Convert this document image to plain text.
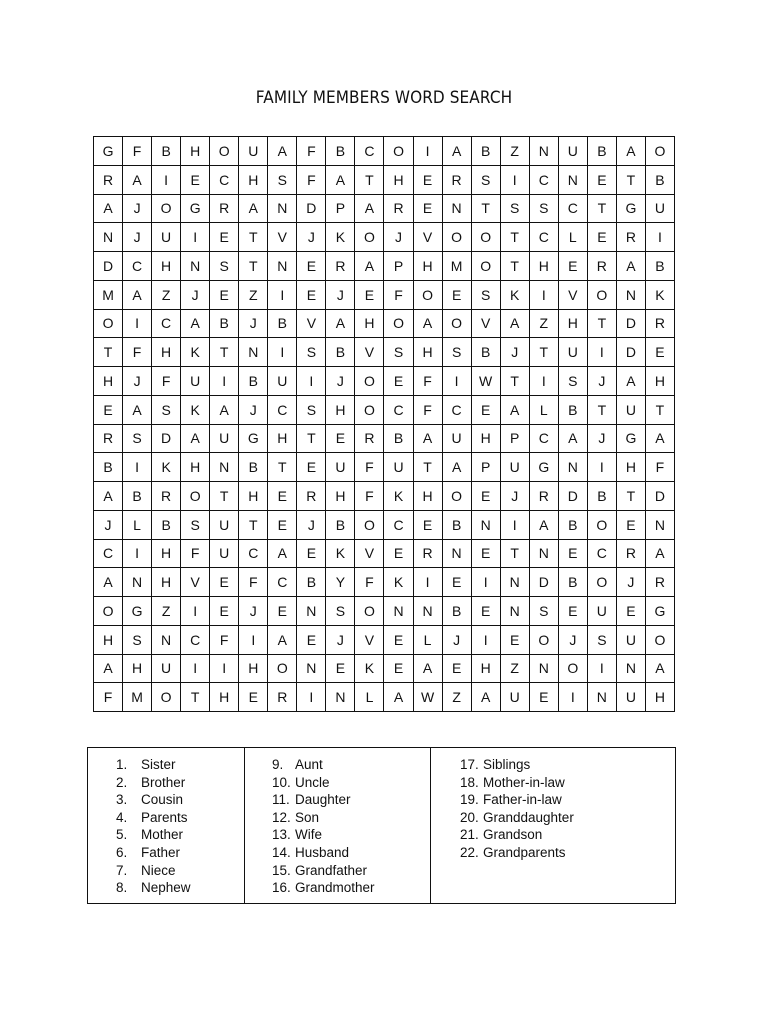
FAMILY MEMBERS WORD SEARCH
G	F	B	H	O	U	A	F	B	C	O	I	A	B	Z	N	U	B	A	O
R	A	I	E	C	H	S	F	A	T	H	E	R	S	I	C	N	E	T	B
A	J	O	G	R	A	N	D	P	A	R	E	N	T	S	S	C	T	G	U
N	J	U	I	E	T	V	J	K	O	J	V	O	O	T	C	L	E	R	I
D	C	H	N	S	T	N	E	R	A	P	H	M	O	T	H	E	R	A	B
M	A	Z	J	E	Z	I	E	J	E	F	O	E	S	K	I	V	O	N	K
O	I	C	A	B	J	B	V	A	H	O	A	O	V	A	Z	H	T	D	R
T	F	H	K	T	N	I	S	B	V	S	H	S	B	J	T	U	I	D	E
H	J	F	U	I	B	U	I	J	O	E	F	I	W	T	I	S	J	A	H
E	A	S	K	A	J	C	S	H	O	C	F	C	E	A	L	B	T	U	T
R	S	D	A	U	G	H	T	E	R	B	A	U	H	P	C	A	J	G	A
B	I	K	H	N	B	T	E	U	F	U	T	A	P	U	G	N	I	H	F
A	B	R	O	T	H	E	R	H	F	K	H	O	E	J	R	D	B	T	D
J	L	B	S	U	T	E	J	B	O	C	E	B	N	I	A	B	O	E	N
C	I	H	F	U	C	A	E	K	V	E	R	N	E	T	N	E	C	R	A
A	N	H	V	E	F	C	B	Y	F	K	I	E	I	N	D	B	O	J	R
O	G	Z	I	E	J	E	N	S	O	N	N	B	E	N	S	E	U	E	G
H	S	N	C	F	I	A	E	J	V	E	L	J	I	E	O	J	S	U	O
A	H	U	I	I	H	O	N	E	K	E	A	E	H	Z	N	O	I	N	A
F	M	O	T	H	E	R	I	N	L	A	W	Z	A	U	E	I	N	U	H
1. Sister
2. Brother
3. Cousin
4. Parents
5. Mother
6. Father
7. Niece
8. Nephew
9. Aunt
10. Uncle
11. Daughter
12. Son
13. Wife
14. Husband
15. Grandfather
16. Grandmother
17. Siblings
18. Mother-in-law
19. Father-in-law
20. Granddaughter
21. Grandson
22. Grandparents
